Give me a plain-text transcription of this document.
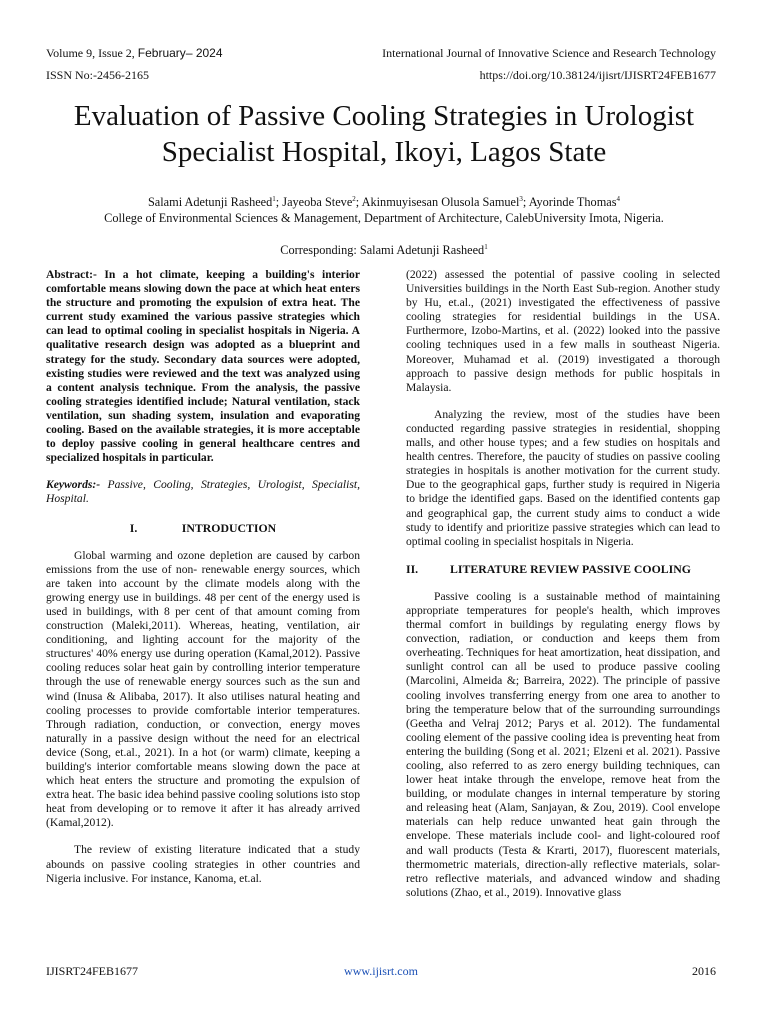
Volume 9, Issue 2, February– 2024	International Journal of Innovative Science and Research Technology
ISSN No:-2456-2165	https://doi.org/10.38124/ijisrt/IJISRT24FEB1677
Evaluation of Passive Cooling Strategies in Urologist
Specialist Hospital, Ikoyi, Lagos State
Salami Adetunji Rasheed$^1$; Jayeoba Steve$^2$; Akinmuyisesan Olusola Samuel$^3$; Ayorinde Thomas$^4$
College of Environmental Sciences & Management, Department of Architecture, CalebUniversity Imota, Nigeria.
Corresponding: Salami Adetunji Rasheed$^1$

Abstract:- In a hot climate, keeping a building's interior comfortable means slowing down the pace at which heat enters the structure and promoting the expulsion of extra heat. The current study examined the various passive strategies which can lead to optimal cooling in specialist hospitals in Nigeria. A qualitative research design was adopted as a blueprint and strategy for the study. Secondary data sources were adopted, existing studies were reviewed and the text was analyzed using a content analysis technique. From the analysis, the passive cooling strategies identified include; Natural ventilation, stack ventilation, sun shading system, insulation and evaporating cooling. Based on the available strategies, it is more acceptable to deploy passive cooling in general healthcare centres and specialized hospitals in particular.

Keywords:- Passive, Cooling, Strategies, Urologist, Specialist, Hospital.

I.	INTRODUCTION

Global warming and ozone depletion are caused by carbon emissions from the use of non- renewable energy sources, which are taken into account by the climate models along with the growing energy use in buildings. 48 per cent of the energy used is used in buildings, with 8 per cent of that amount coming from construction (Maleki,2011). Whereas, heating, ventilation, air conditioning, and lighting account for the majority of the structures' 40% energy use during operation (Kamal,2012). Passive cooling reduces solar heat gain by controlling interior temperature through the use of renewable energy sources such as the sun and wind (Inusa & Alibaba, 2017). It also utilises natural heating and cooling processes to provide comfortable interior temperatures. Through radiation, conduction, or convection, energy moves naturally in a passive design without the need for an electrical device (Song, et.al., 2021). In a hot (or warm) climate, keeping a building's interior comfortable means slowing down the pace at which heat enters the structure and promoting the expulsion of extra heat. The basic idea behind passive cooling solutions isto stop heat from developing or to remove it after it has already arrived (Kamal,2012).

The review of existing literature indicated that a study abounds on passive cooling strategies in other countries and Nigeria inclusive. For instance, Kanoma, et.al.

(2022) assessed the potential of passive cooling in selected Universities buildings in the North East Sub-region. Another study by Hu, et.al., (2021) investigated the effectiveness of passive cooling strategies for residential buildings in the USA. Furthermore, Izobo-Martins, et al. (2022) looked into the passive cooling techniques used in a few malls in southeast Nigeria. Moreover, Muhamad et al. (2019) investigated a thorough approach to passive design methods for public hospitals in Malaysia.

Analyzing the review, most of the studies have been conducted regarding passive strategies in residential, shopping malls, and other house types; and a few studies on hospitals and health centres. Therefore, the paucity of studies on passive cooling strategies in hospitals is another motivation for the current study. Due to the geographical gaps, further study is required in Nigeria to bridge the identified gaps. Based on the identified contents gap and geographical gap, the current study aims to conduct a wide study to identify and prioritize passive strategies which can lead to optimal cooling in specialist hospitals in Nigeria.

II.	LITERATURE REVIEW PASSIVE COOLING

Passive cooling is a sustainable method of maintaining appropriate temperatures for people's health, which improves thermal comfort in buildings by regulating energy flows by convection, radiation, or conduction and keeps them from overheating. Techniques for heat amortization, heat dissipation, and sunlight control can all be used to produce passive cooling (Marcolini, Almeida &; Barreira, 2022). The principle of passive cooling involves transferring energy from one area to another to bring the temperature below that of the surrounding surroundings (Geetha and Velraj 2012; Parys et al. 2012). The fundamental cooling element of the passive cooling idea is preventing heat from entering the building (Song et al. 2021; Elzeni et al. 2021). Passive cooling, also referred to as zero energy building techniques, can lower heat intake through the envelope, remove heat from the building, or modulate changes in internal temperature by storing and releasing heat (Alam, Sanjayan, & Zou, 2019). Cool envelope materials can help reduce unwanted heat gain through the envelope. These materials include cool- and light-coloured roof and wall products (Testa & Krarti, 2017), fluorescent materials, thermometric materials, direction-ally reflective materials, solar-retro reflective materials, and advanced window and shading solutions (Zhao, et al., 2019). Innovative glass

IJISRT24FEB1677	www.ijisrt.com	2016
